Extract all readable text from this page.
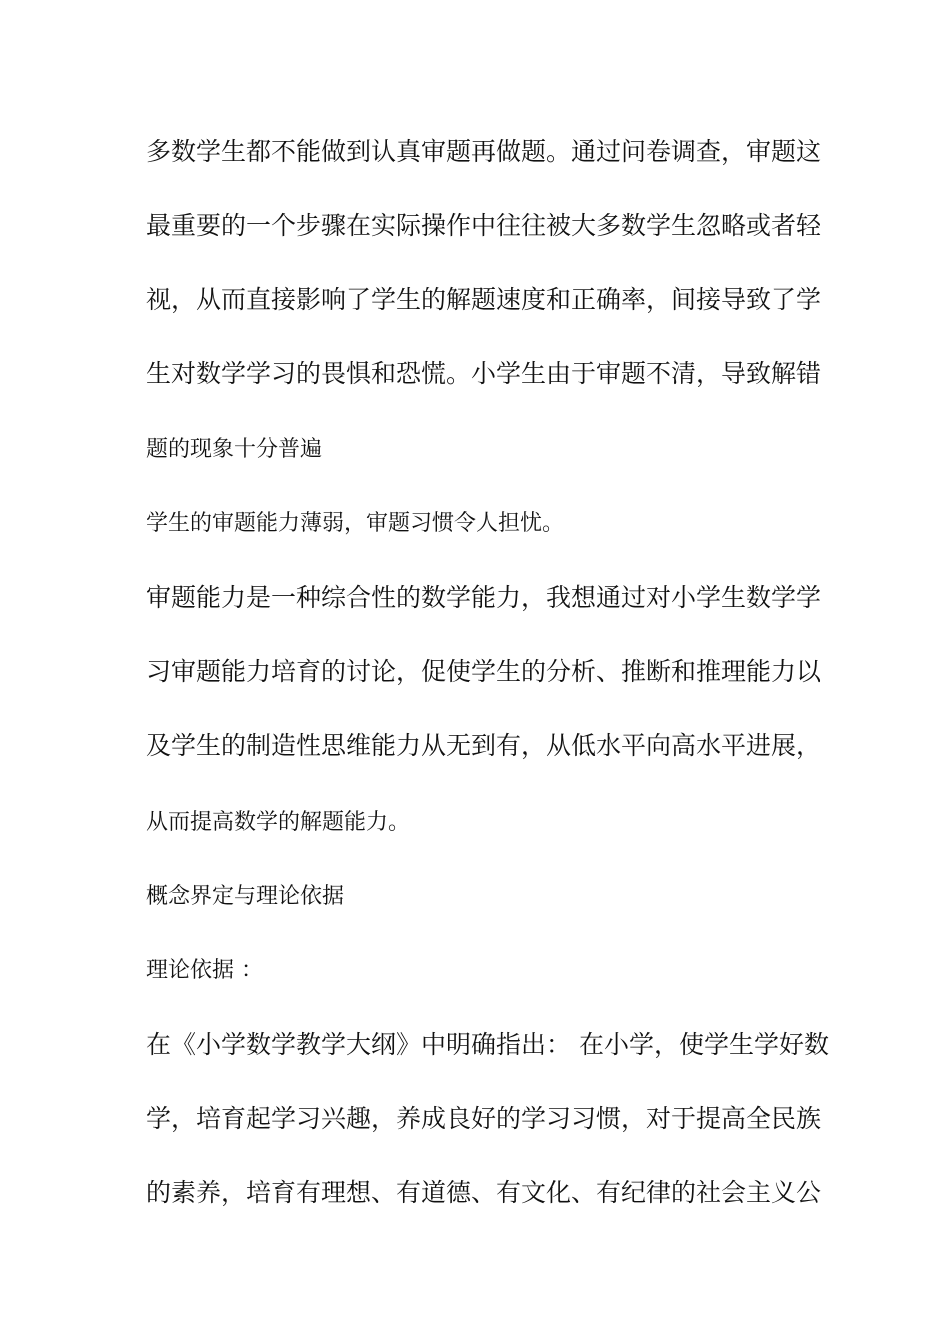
多数学生都不能做到认真审题再做题。通过问卷调查，审题这

最重要的一个步骤在实际操作中往往被大多数学生忽略或者轻

视，从而直接影响了学生的解题速度和正确率，间接导致了学

生对数学学习的畏惧和恐慌。小学生由于审题不清，导致解错

题的现象十分普遍

学生的审题能力薄弱，审题习惯令人担忧。

审题能力是一种综合性的数学能力，我想通过对小学生数学学

习审题能力培育的讨论，促使学生的分析、推断和推理能力以

及学生的制造性思维能力从无到有，从低水平向高水平进展，

从而提高数学的解题能力。

概念界定与理论依据

理论依据 ：

在《小学数学教学大纲》中明确指出： 在小学，使学生学好数

学，培育起学习兴趣，养成良好的学习习惯，对于提高全民族

的素养，培育有理想、有道德、有文化、有纪律的社会主义公
